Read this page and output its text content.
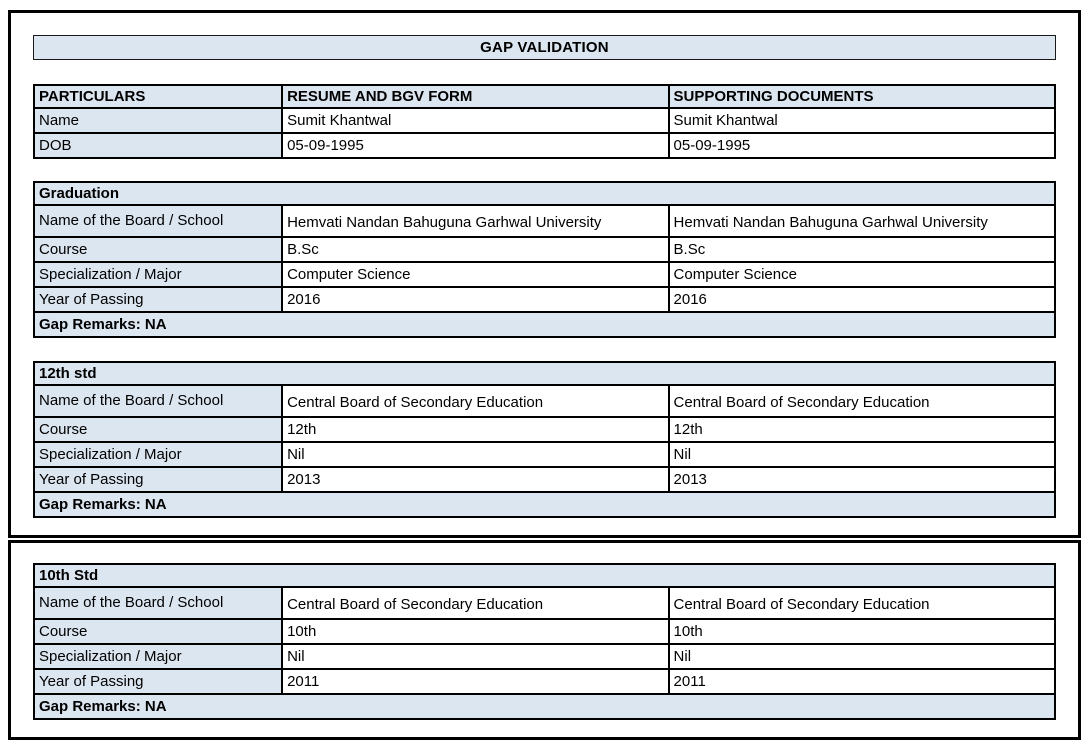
GAP VALIDATION
PARTICULARS	RESUME AND BGV FORM	SUPPORTING DOCUMENTS
Name	Sumit Khantwal	Sumit Khantwal
DOB	05-09-1995	05-09-1995
Graduation		
Name of the Board / School	Hemvati Nandan Bahuguna Garhwal University	Hemvati Nandan Bahuguna Garhwal University
Course	B.Sc	B.Sc
Specialization / Major	Computer Science	Computer Science
Year of Passing	2016	2016
Gap Remarks: NA		
12th std		
Name of the Board / School	Central Board of Secondary Education	Central Board of Secondary Education
Course	12th	12th
Specialization / Major	Nil	Nil
Year of Passing	2013	2013
Gap Remarks: NA		
10th Std		
Name of the Board / School	Central Board of Secondary Education	Central Board of Secondary Education
Course	10th	10th
Specialization / Major	Nil	Nil
Year of Passing	2011	2011
Gap Remarks: NA		
